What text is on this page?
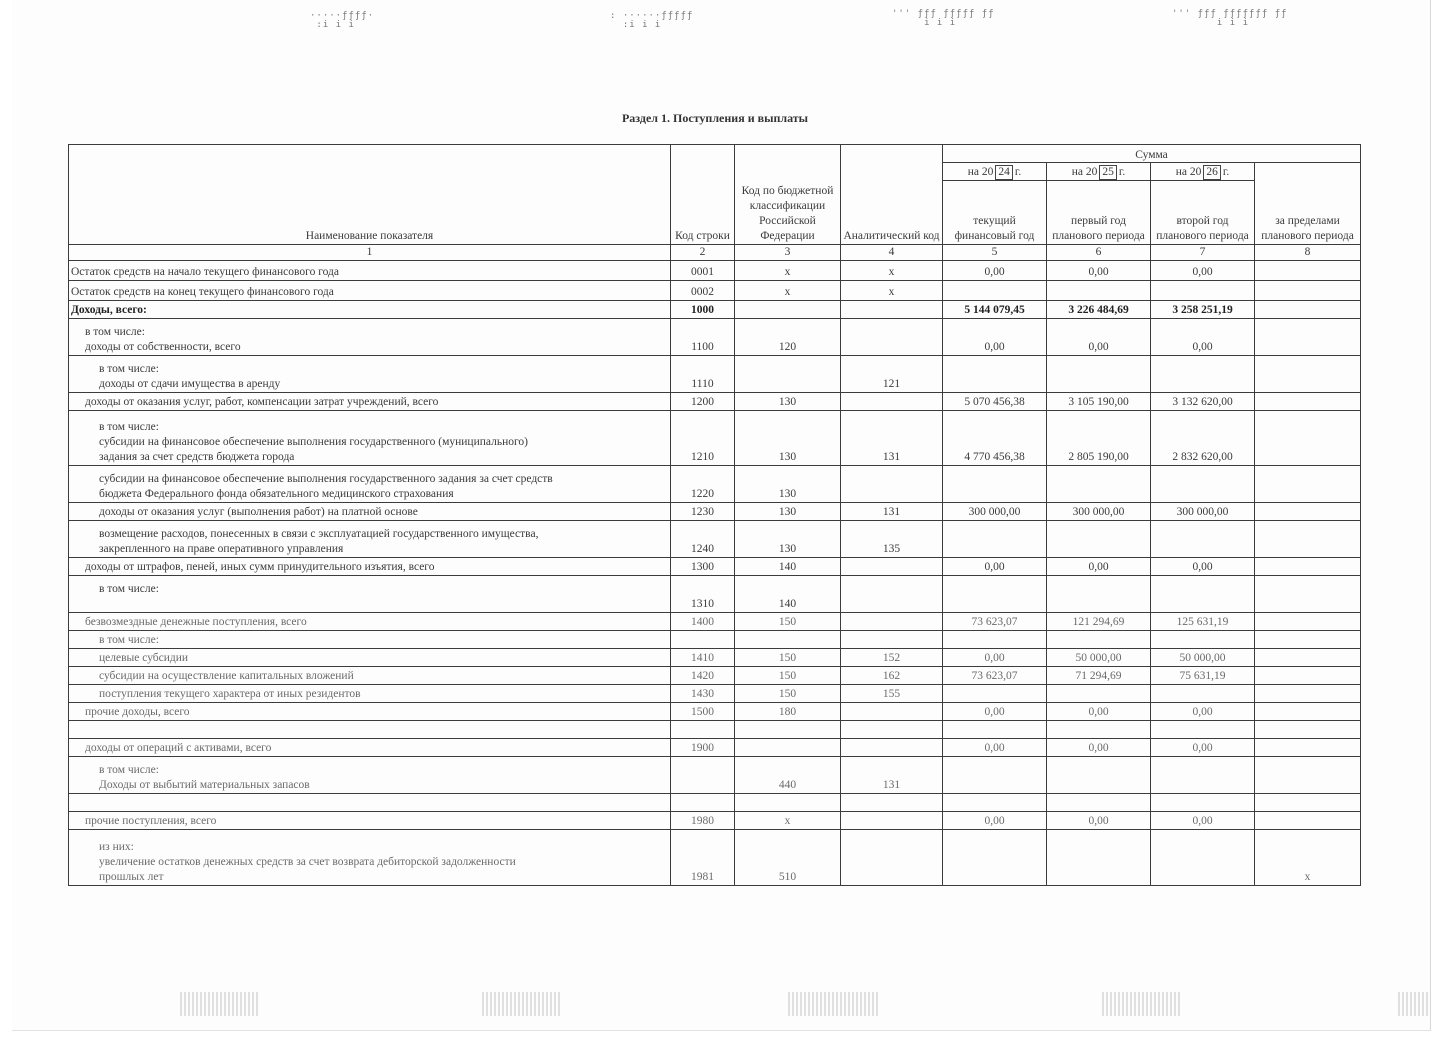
·····ƒƒƒƒ·
:i i i
: ······ƒƒƒƒƒ
:i i i
''' ƒƒƒ ƒƒƒƒƒ ƒƒ
i i i
''' ƒƒƒ ƒƒƒƒƒƒƒ ƒƒ
i i i
Раздел 1. Поступления и выплаты
Наименование показателя	Код строки	Код по бюджетной классификации Российской Федерации	Аналитический код	Сумма			

				на 20 24 г.	на 20 25 г.	на 20 26 г.	за пределами планового периода
				текущий финансовый год	первый год планового периода	второй год планового периода	
1	2	3	4	5	6	7	8

Остаток средств на начало текущего финансового года	0001	x	x	0,00	0,00	0,00	

Остаток средств на конец текущего финансового года	0002	x	x				

Доходы, всего:	1000			5 144 079,45	3 226 484,69	3 258 251,19	

в том числе:
доходы от собственности, всего	1100	120		0,00	0,00	0,00	

в том числе:
доходы от сдачи имущества в аренду	1110		121				

доходы от оказания услуг, работ, компенсации затрат учреждений, всего	1200	130		5 070 456,38	3 105 190,00	3 132 620,00	

в том числе:
субсидии на финансовое обеспечение выполнения государственного (муниципального)
задания за счет средств бюджета города	1210	130	131	4 770 456,38	2 805 190,00	2 832 620,00	

субсидии на финансовое обеспечение выполнения государственного задания за счет средств
бюджета Федерального фонда обязательного медицинского страхования	1220	130					

доходы от оказания услуг (выполнения работ) на платной основе	1230	130	131	300 000,00	300 000,00	300 000,00	

возмещение расходов, понесенных в связи с эксплуатацией государственного имущества,
закрепленного на праве оперативного управления	1240	130	135				

доходы от штрафов, пеней, иных сумм принудительного изъятия, всего	1300	140		0,00	0,00	0,00	

в том числе:	1310	140					

безвозмездные денежные поступления, всего	1400	150		73 623,07	121 294,69	125 631,19	

в том числе:							

целевые субсидии	1410	150	152	0,00	50 000,00	50 000,00	

субсидии на осуществление капитальных вложений	1420	150	162	73 623,07	71 294,69	75 631,19	

поступления текущего характера от иных резидентов	1430	150	155				

прочие доходы, всего	1500	180		0,00	0,00	0,00	

доходы от операций с активами, всего	1900			0,00	0,00	0,00	

в том числе:
Доходы от выбытий материальных запасов		440	131				

прочие поступления, всего	1980	x		0,00	0,00	0,00	

из них:
увеличение остатков денежных средств за счет возврата дебиторской задолженности
прошлых лет	1981	510					x
